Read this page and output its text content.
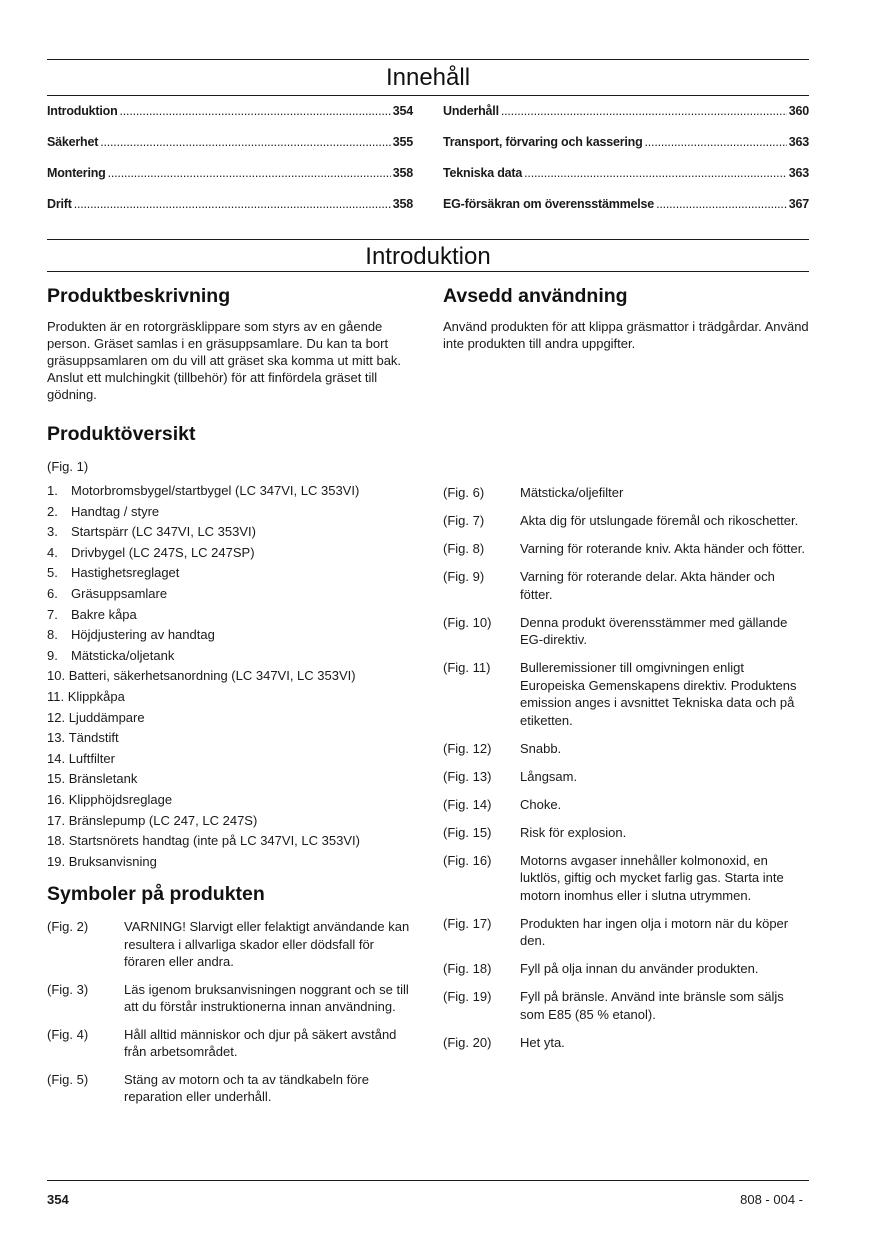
Innehåll
Introduktion .....	354
Säkerhet .....	355
Montering .....	358
Drift .....	358
Underhåll .....	360
Transport, förvaring och kassering .....	363
Tekniska data .....	363
EG-försäkran om överensstämmelse .....	367
Introduktion
Produktbeskrivning

Produkten är en rotorgräsklippare som styrs av en gående person. Gräset samlas i en gräsuppsamlare. Du kan ta bort gräsuppsamlaren om du vill att gräset ska komma ut mitt bak. Anslut ett mulchingkit (tillbehör) för att finfördela gräset till gödning.

Avsedd användning

Använd produkten för att klippa gräsmattor i trädgårdar. Använd inte produkten till andra uppgifter.

Produktöversikt

(Fig. 1)

1.	Motorbromsbygel/startbygel (LC 347VI, LC 353VI)
2.	Handtag / styre
3.	Startspärr (LC 347VI, LC 353VI)
4.	Drivbygel (LC 247S, LC 247SP)
5.	Hastighetsreglaget
6.	Gräsuppsamlare
7.	Bakre kåpa
8.	Höjdjustering av handtag
9.	Mätsticka/oljetank
10.
Batteri, säkerhetsanordning (LC 347VI, LC 353VI)
11.
Klippkåpa
12.
Ljuddämpare
13.
Tändstift
14.
Luftfilter
15.
Bränsletank
16.
Klipphöjdsreglage
17.
Bränslepump (LC 247, LC 247S)
18.
Startsnörets handtag (inte på LC 347VI, LC 353VI)
19.
Bruksanvisning
Symboler på produkten
(Fig. 2)	VARNING! Slarvigt eller felaktigt användande kan resultera i allvarliga skador eller dödsfall för föraren eller andra.
(Fig. 3)	Läs igenom bruksanvisningen noggrant och se till att du förstår instruktionerna innan användning.
(Fig. 4)	Håll alltid människor och djur på säkert avstånd från arbetsområdet.
(Fig. 5)	Stäng av motorn och ta av tändkabeln före reparation eller underhåll.
(Fig. 6)	Mätsticka/oljefilter
(Fig. 7)	Akta dig för utslungade föremål och rikoschetter.
(Fig. 8)	Varning för roterande kniv. Akta händer och fötter.
(Fig. 9)	Varning för roterande delar. Akta händer och fötter.
(Fig. 10)	Denna produkt överensstämmer med gällande EG-direktiv.
(Fig. 11)	Bulleremissioner till omgivningen enligt Europeiska Gemenskapens direktiv. Produktens emission anges i avsnittet Tekniska data och på etiketten.
(Fig. 12)	Snabb.
(Fig. 13)	Långsam.
(Fig. 14)	Choke.
(Fig. 15)	Risk för explosion.
(Fig. 16)	Motorns avgaser innehåller kolmonoxid, en luktlös, giftig och mycket farlig gas. Starta inte motorn inomhus eller i slutna utrymmen.
(Fig. 17)	Produkten har ingen olja i motorn när du köper den.
(Fig. 18)	Fyll på olja innan du använder produkten.
(Fig. 19)	Fyll på bränsle. Använd inte bränsle som säljs som E85 (85 % etanol).
(Fig. 20)	Het yta.
354	808 - 004 -
